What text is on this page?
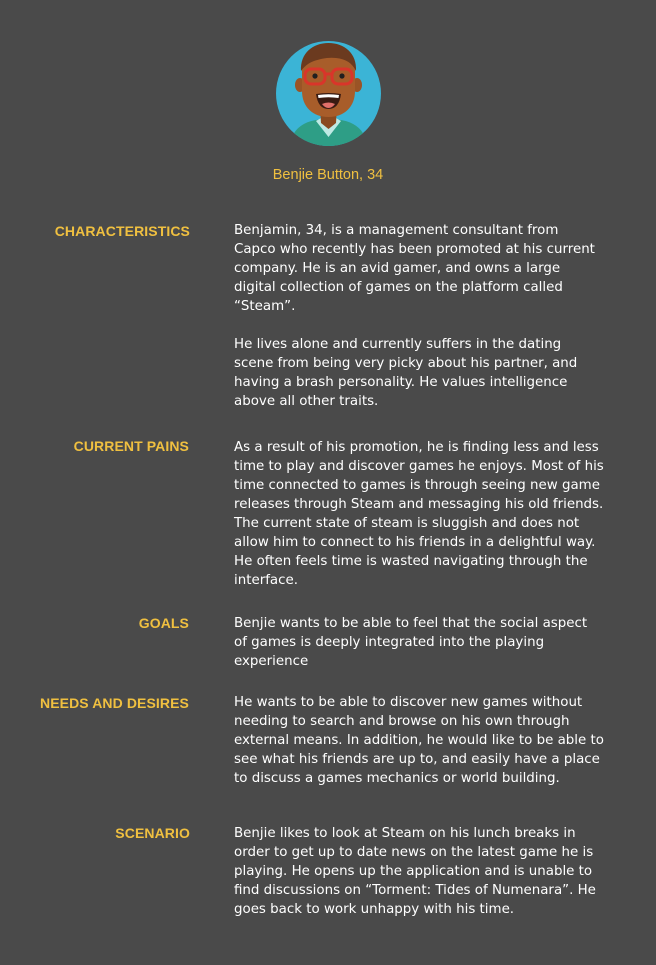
Benjie Button, 34

CHARACTERISTICS	Benjamin, 34, is a management consultant from Capco who recently has been promoted at his current company. He is an avid gamer, and owns a large digital collection of games on the platform called “Steam”.

He lives alone and currently suffers in the dating scene from being very picky about his partner, and having a brash personality. He values intelligence above all other traits.

CURRENT PAINS	As a result of his promotion, he is finding less and less time to play and discover games he enjoys. Most of his time connected to games is through seeing new game releases through Steam and messaging his old friends. The current state of steam is sluggish and does not allow him to connect to his friends in a delightful way. He often feels time is wasted navigating through the interface.

GOALS	Benjie wants to be able to feel that the social aspect of games is deeply integrated into the playing experience

NEEDS AND DESIRES	He wants to be able to discover new games without needing to search and browse on his own through external means. In addition, he would like to be able to see what his friends are up to, and easily have a place to discuss a games mechanics or world building.

SCENARIO	Benjie likes to look at Steam on his lunch breaks in order to get up to date news on the latest game he is playing. He opens up the application and is unable to find discussions on “Torment: Tides of Numenara”. He goes back to work unhappy with his time.
